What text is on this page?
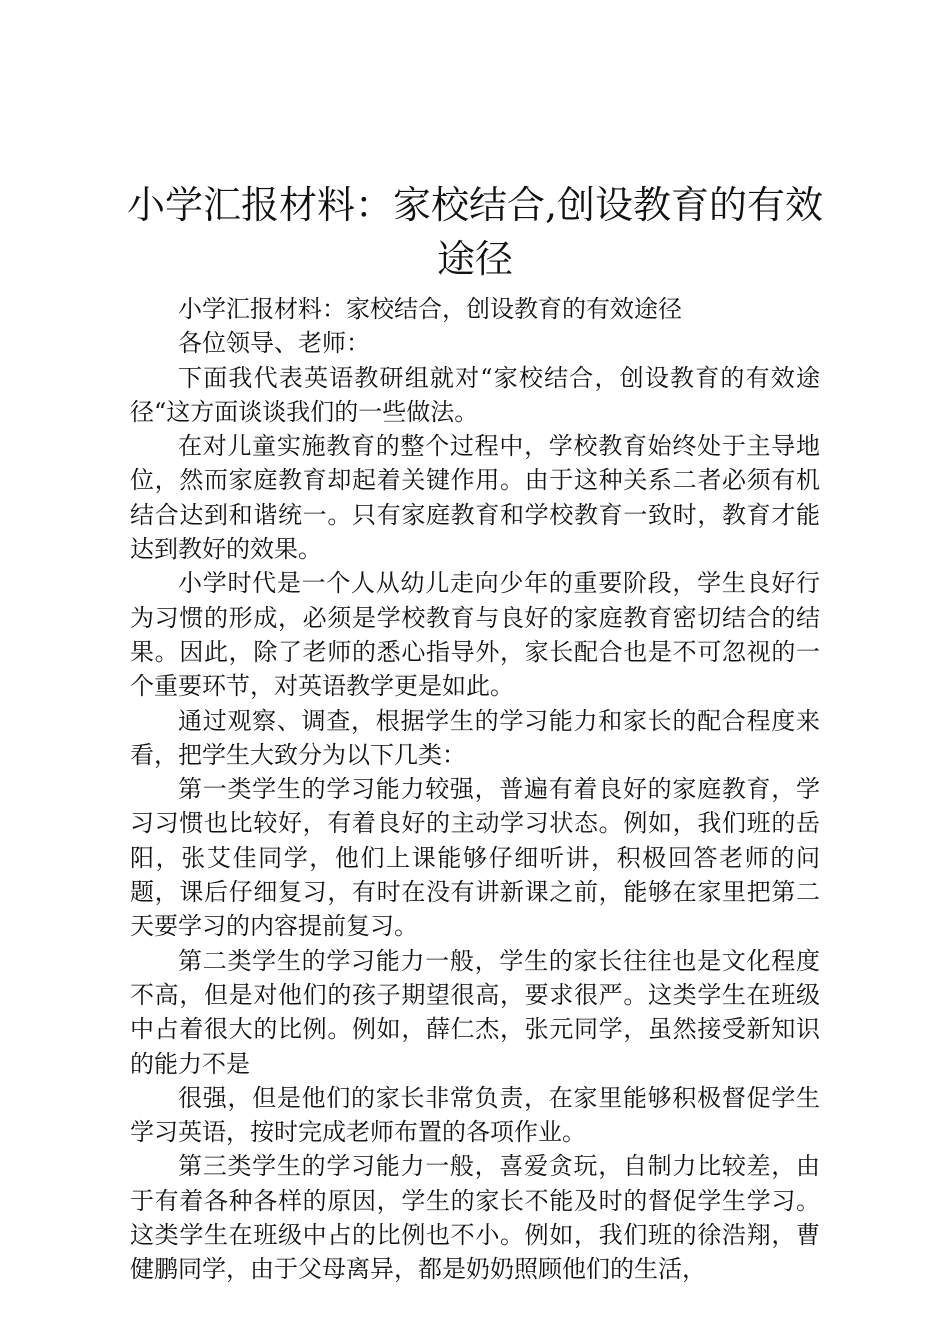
小学汇报材料：家校结合,创设教育的有效途径

小学汇报材料：家校结合，创设教育的有效途径

各位领导、老师：

下面我代表英语教研组就对“家校结合，创设教育的有效途径“这方面谈谈我们的一些做法。

在对儿童实施教育的整个过程中，学校教育始终处于主导地位，然而家庭教育却起着关键作用。由于这种关系二者必须有机结合达到和谐统一。只有家庭教育和学校教育一致时，教育才能达到教好的效果。

小学时代是一个人从幼儿走向少年的重要阶段，学生良好行为习惯的形成，必须是学校教育与良好的家庭教育密切结合的结果。因此，除了老师的悉心指导外，家长配合也是不可忽视的一个重要环节，对英语教学更是如此。

通过观察、调查，根据学生的学习能力和家长的配合程度来看，把学生大致分为以下几类：

第一类学生的学习能力较强，普遍有着良好的家庭教育，学习习惯也比较好，有着良好的主动学习状态。例如，我们班的岳阳，张艾佳同学，他们上课能够仔细听讲，积极回答老师的问题，课后仔细复习，有时在没有讲新课之前，能够在家里把第二天要学习的内容提前复习。

第二类学生的学习能力一般，学生的家长往往也是文化程度不高，但是对他们的孩子期望很高，要求很严。这类学生在班级中占着很大的比例。例如，薛仁杰，张元同学，虽然接受新知识的能力不是

很强，但是他们的家长非常负责，在家里能够积极督促学生学习英语，按时完成老师布置的各项作业。

第三类学生的学习能力一般，喜爱贪玩，自制力比较差，由于有着各种各样的原因，学生的家长不能及时的督促学生学习。这类学生在班级中占的比例也不小。例如，我们班的徐浩翔，曹健鹏同学，由于父母离异，都是奶奶照顾他们的生活，
